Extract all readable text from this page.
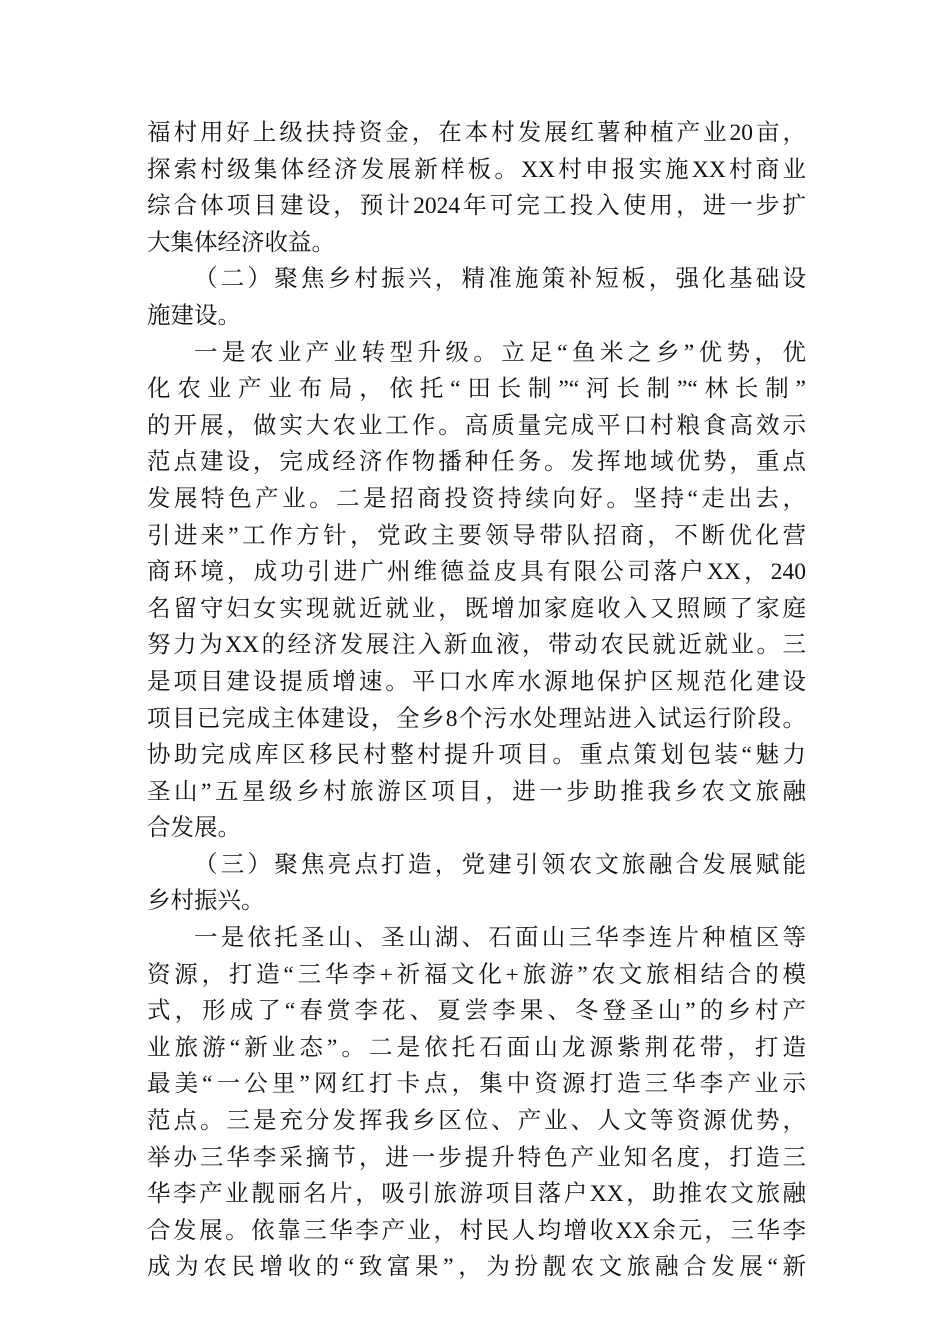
福村用好上级扶持资金，在本村发展红薯种植产业20亩，
探索村级集体经济发展新样板。XX村申报实施XX村商业
综合体项目建设，预计2024年可完工投入使用，进一步扩
大集体经济收益。
（二）聚焦乡村振兴，精准施策补短板，强化基础设
施建设。
一是农业产业转型升级。立足“鱼米之乡”优势，优
化农业产业布局，依托“田长制”“河长制”“林长制”
的开展，做实大农业工作。高质量完成平口村粮食高效示
范点建设，完成经济作物播种任务。发挥地域优势，重点
发展特色产业。二是招商投资持续向好。坚持“走出去，
引进来”工作方针，党政主要领导带队招商，不断优化营
商环境，成功引进广州维德益皮具有限公司落户XX，240
名留守妇女实现就近就业，既增加家庭收入又照顾了家庭
努力为XX的经济发展注入新血液，带动农民就近就业。三
是项目建设提质增速。平口水库水源地保护区规范化建设
项目已完成主体建设，全乡8个污水处理站进入试运行阶段。
协助完成库区移民村整村提升项目。重点策划包装“魅力
圣山”五星级乡村旅游区项目，进一步助推我乡农文旅融
合发展。
（三）聚焦亮点打造，党建引领农文旅融合发展赋能
乡村振兴。
一是依托圣山、圣山湖、石面山三华李连片种植区等
资源，打造“三华李+祈福文化+旅游”农文旅相结合的模
式，形成了“春赏李花、夏尝李果、冬登圣山”的乡村产
业旅游“新业态”。二是依托石面山龙源紫荆花带，打造
最美“一公里”网红打卡点，集中资源打造三华李产业示
范点。三是充分发挥我乡区位、产业、人文等资源优势，
举办三华李采摘节，进一步提升特色产业知名度，打造三
华李产业靓丽名片，吸引旅游项目落户XX，助推农文旅融
合发展。依靠三华李产业，村民人均增收XX余元，三华李
成为农民增收的“致富果”，为扮靓农文旅融合发展“新
